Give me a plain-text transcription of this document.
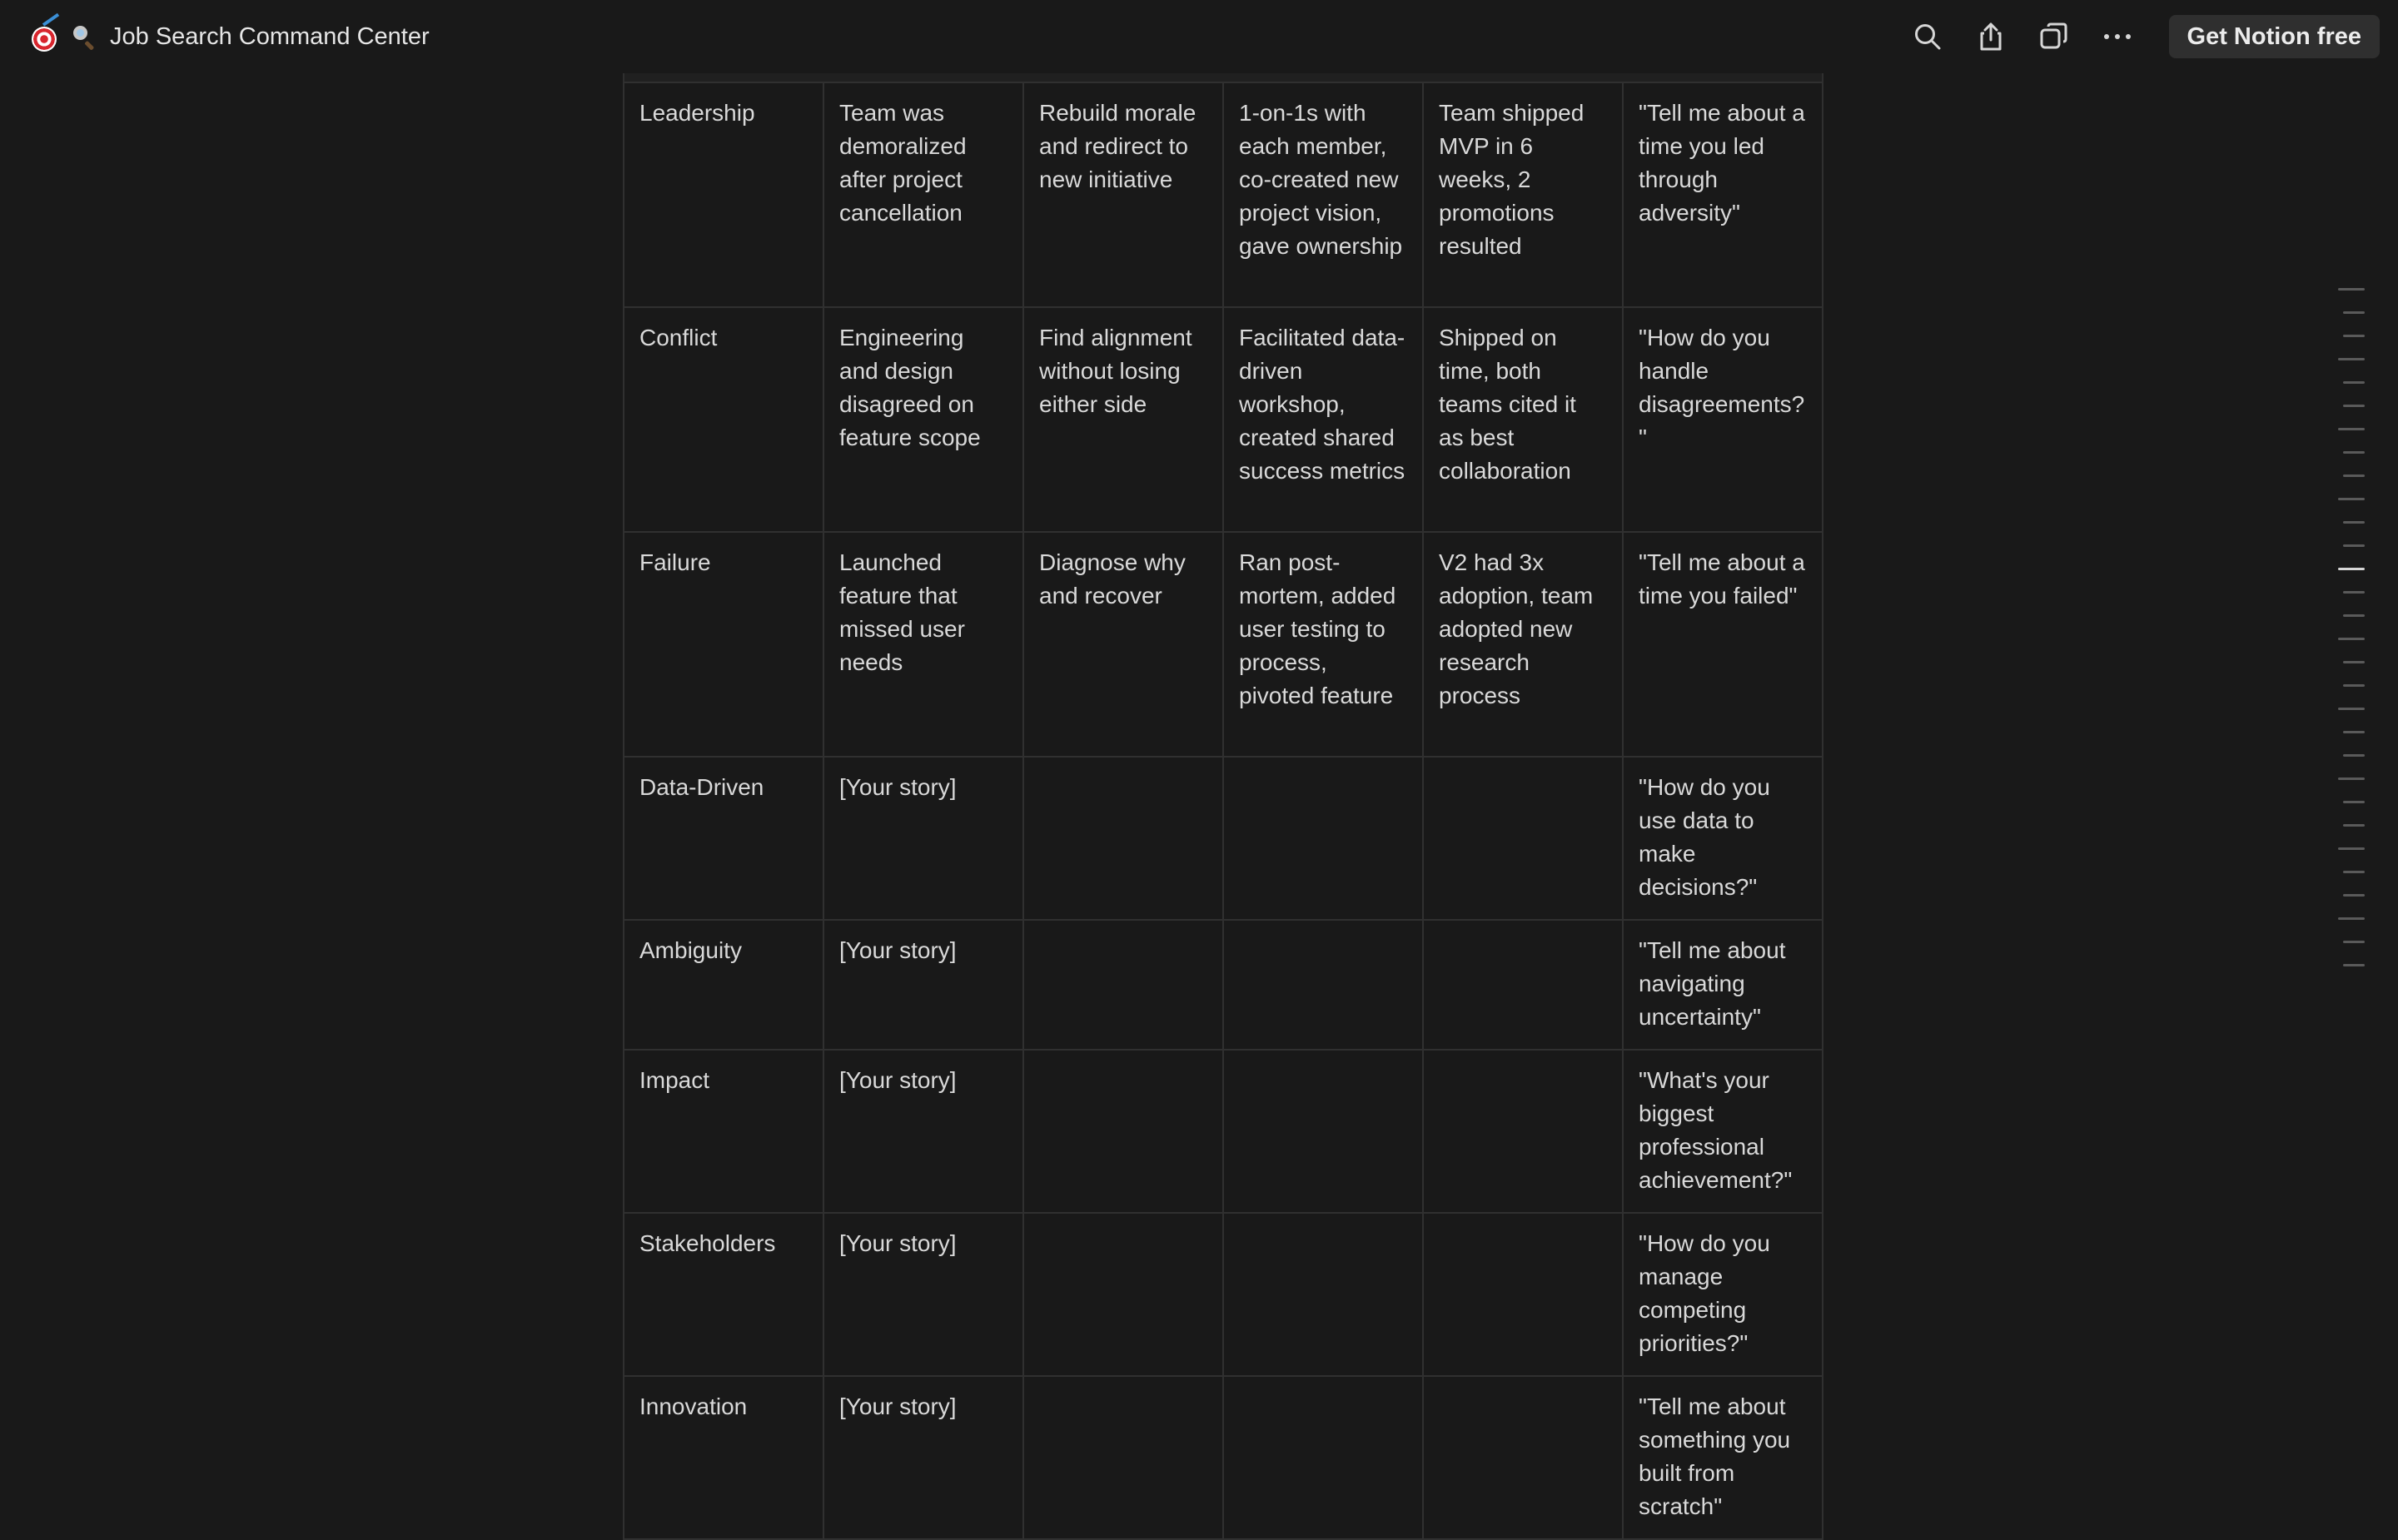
Job Search Command Center	Get Notion free
Leadership	Team was demoralized after project cancellation	Rebuild morale and redirect to new initiative	1-on-1s with each member, co-created new project vision, gave ownership	Team shipped MVP in 6 weeks, 2 promotions resulted	"Tell me about a time you led through adversity"
Conflict	Engineering and design disagreed on feature scope	Find alignment without losing either side	Facilitated data-driven workshop, created shared success metrics	Shipped on time, both teams cited it as best collaboration	"How do you handle disagreements?"
Failure	Launched feature that missed user needs	Diagnose why and recover	Ran post-mortem, added user testing to process, pivoted feature	V2 had 3x adoption, team adopted new research process	"Tell me about a time you failed"
Data-Driven	[Your story]				"How do you use data to make decisions?"
Ambiguity	[Your story]				"Tell me about navigating uncertainty"
Impact	[Your story]				"What's your biggest professional achievement?"
Stakeholders	[Your story]				"How do you manage competing priorities?"
Innovation	[Your story]				"Tell me about something you built from scratch"
